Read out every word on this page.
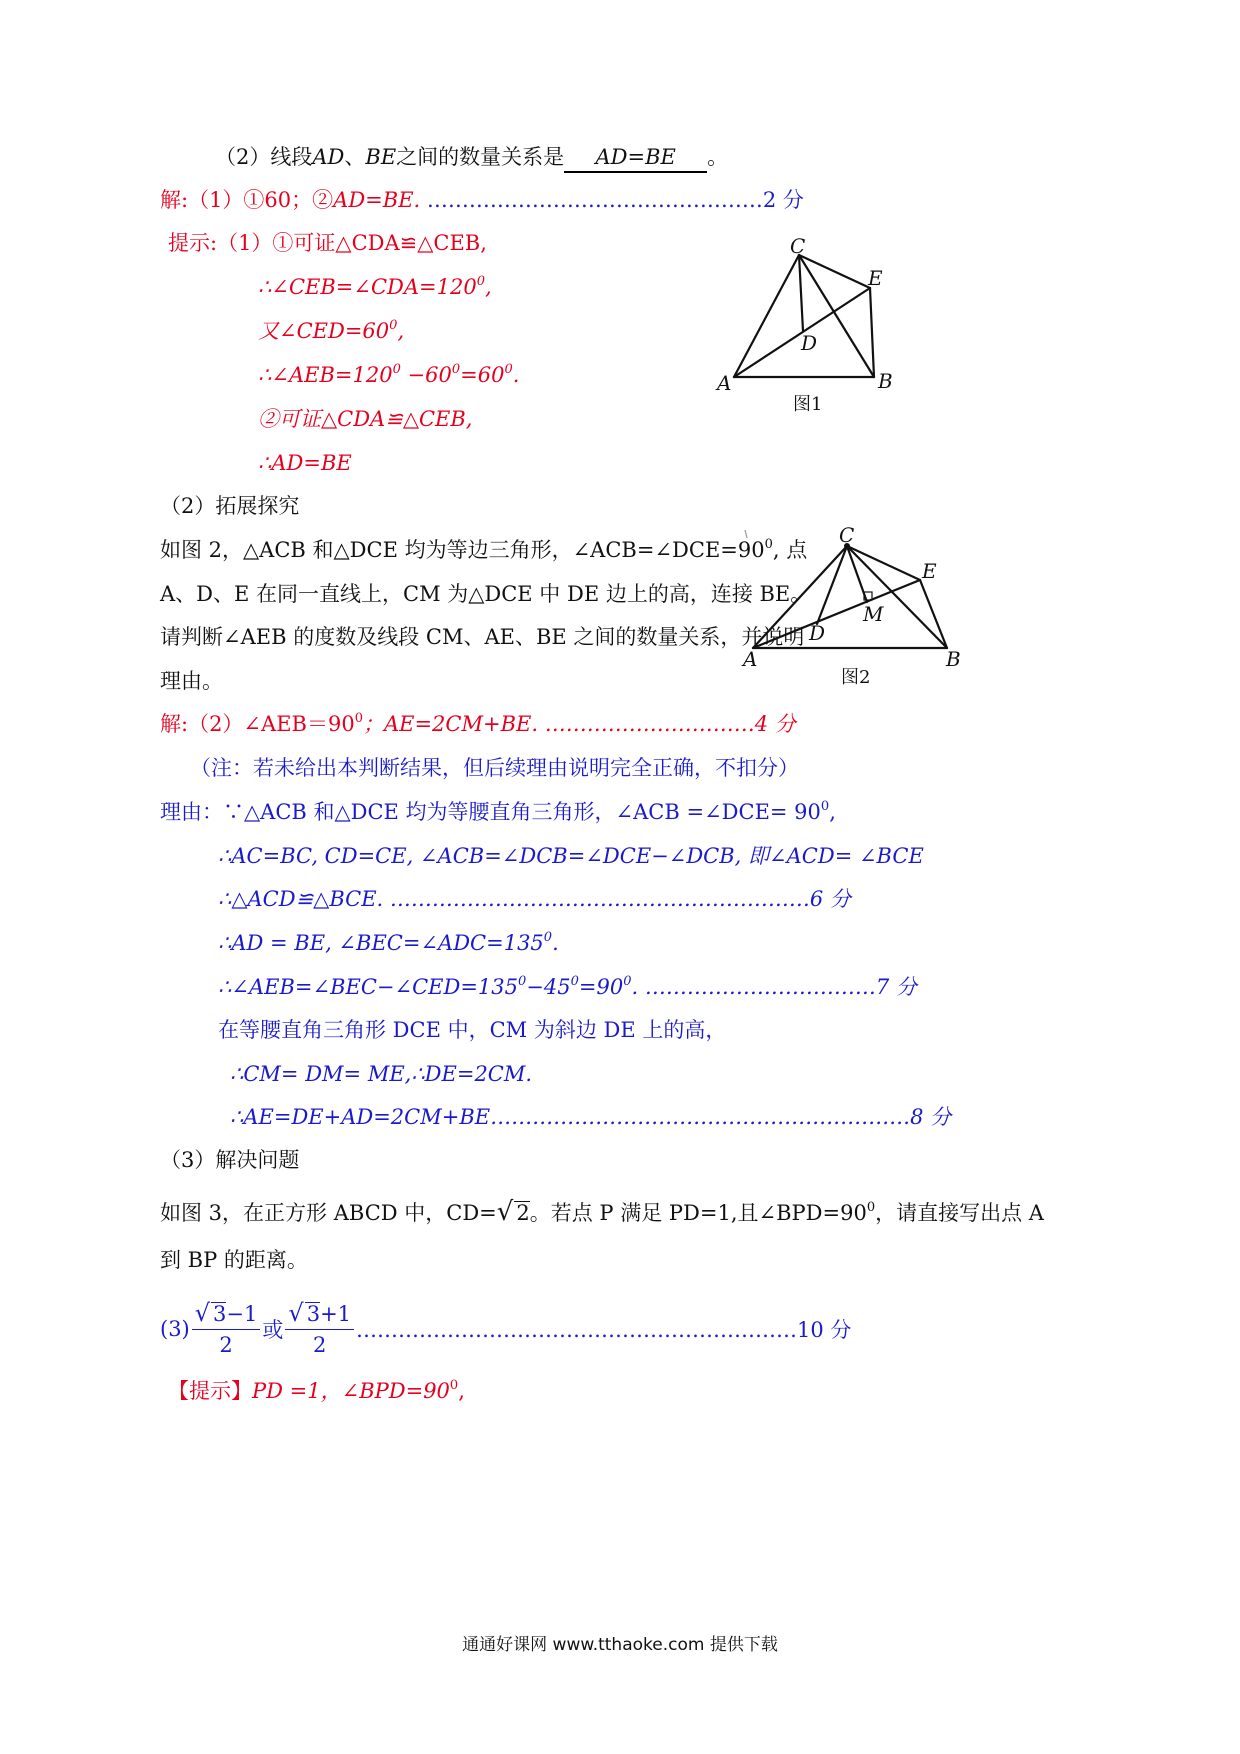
（2）线段AD、BE之间的数量关系是 AD=BE 。
解:（1）①60；②AD=BE. …………………………………………2 分
提示:（1）①可证△CDA≌△CEB,
$\therefore\angle CEB=\angle CDA=120^0$,
又$\angle CED=60^0$,
$\therefore\angle AEB=120^0 -60^0=60^0$.
②可证△CDA≌△CEB,
∴AD=BE
C
E
D
A	B
图1
（2）拓展探究
如图 2，△ACB 和△DCE 均为等边三角形，$\angle ACB=\angle DCE=90^0$, 点
A、D、E 在同一直线上，CM 为△DCE 中 DE 边上的高，连接 BE。
请判断∠AEB 的度数及线段 CM、AE、BE 之间的数量关系，并说明
理由。
C
E
M
D
A	B
图2
解$:(2)\angle AEB=90^0$；AE=2CM+BE. …………………………4 分
（注：若未给出本判断结果，但后续理由说明完全正确，不扣分）
理由：∵△ACB 和△DCE 均为等腰直角三角形，∠ACB =∠DCE= $90^0$,
∴AC=BC, CD=CE, ∠ACB=∠DCB=∠DCE−∠DCB, 即∠ACD= ∠BCE
∴△ACD≌△BCE. ……………………………………………………6 分
∴AD = BE, $\angle BEC=\angle ADC=135^0$.
$\therefore\angle AEB=\angle BEC-\angle CED=135^0-45^0=90^0$. ……………………………7 分
在等腰直角三角形 DCE 中，CM 为斜边 DE 上的高，
∴CM= DM= ME,∴DE=2CM.
∴AE=DE+AD=2CM+BE……………………………………………………8 分
（3）解决问题
如图 3，在正方形 ABCD 中，CD=√ 2。若点 P 满足 PD=1,且$\angle BPD=90^0$，请直接写出点 A
到 BP 的距离。
$(3) \frac{√ 3-1}{2}$ 或 $\frac{√ 3+1}{2}$ ………………………………………………………10 分
【提示】PD =1，$\angle BPD=90^0$,
通通好课网 www.tthaoke.com 提供下载
